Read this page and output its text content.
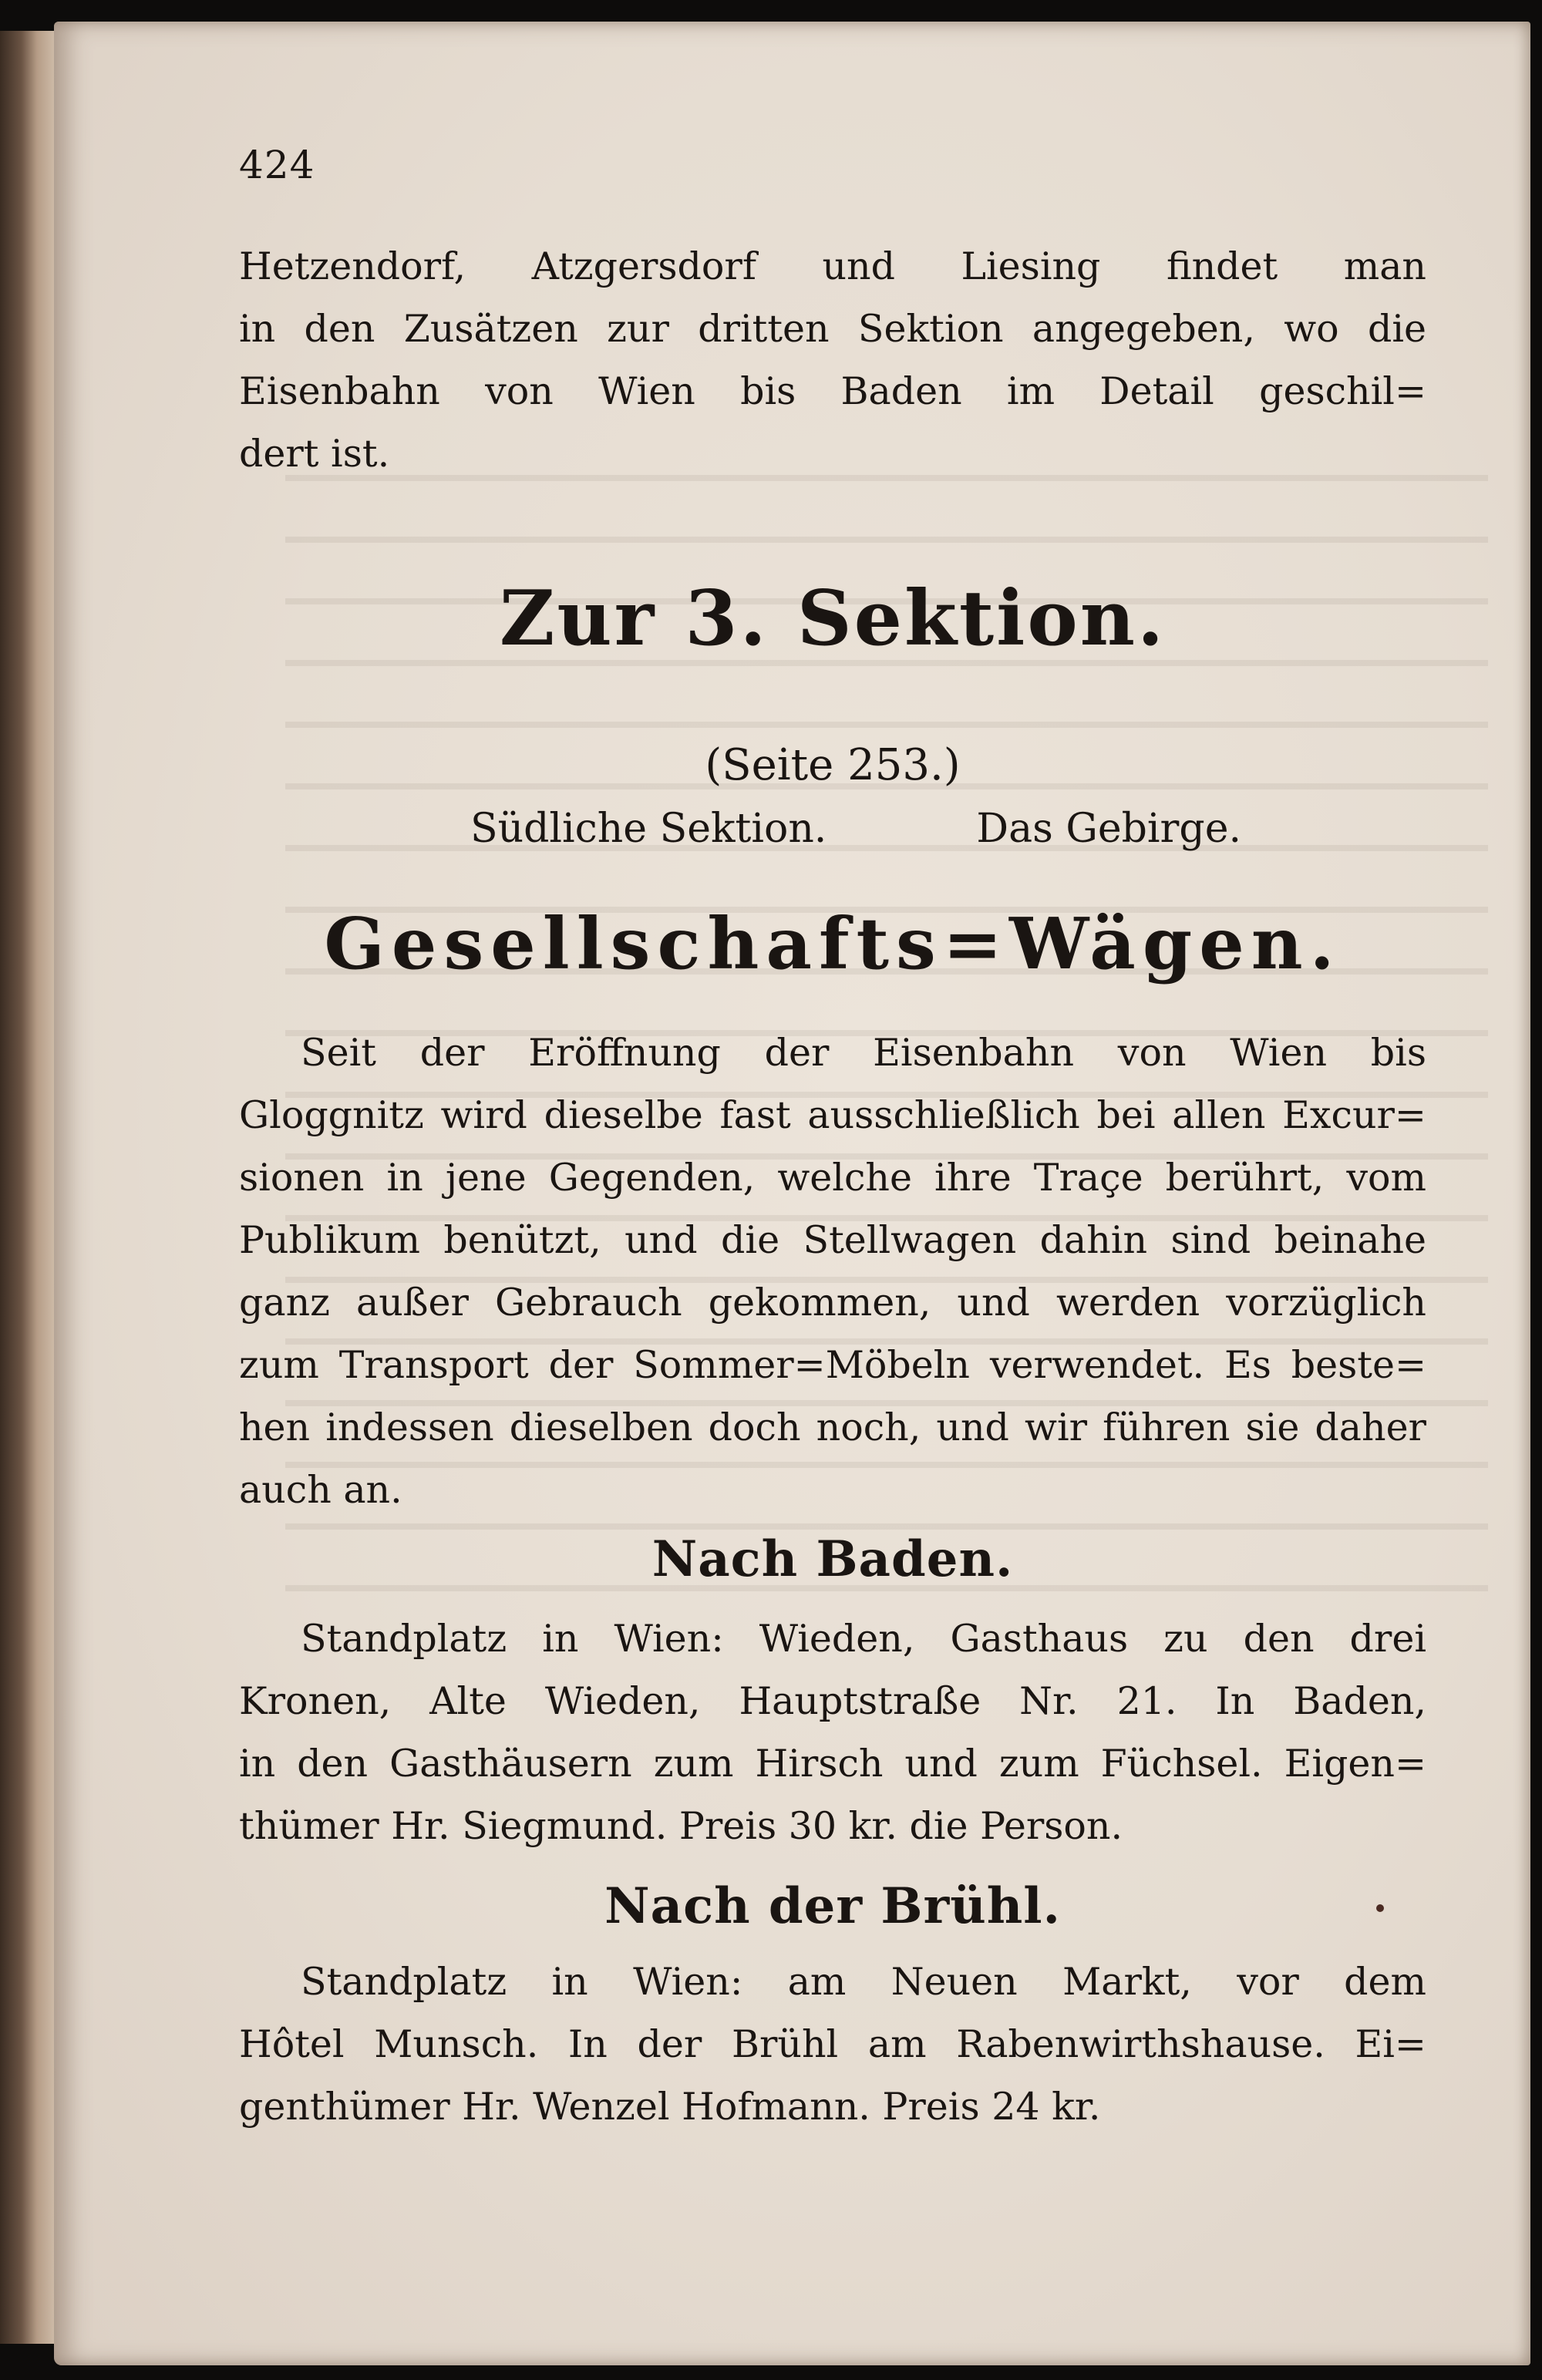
424
Hetzendorf, Atzgersdorf und Liesing findet man
in den Zusätzen zur dritten Sektion angegeben, wo die
Eisenbahn von Wien bis Baden im Detail geschil=
dert ist.
Zur 3. Sektion.
(Seite 253.)
Südliche Sektion.	Das Gebirge.
Gesellschafts=Wägen.
Seit der Eröffnung der Eisenbahn von Wien bis
Gloggnitz wird dieselbe fast ausschließlich bei allen Excur=
sionen in jene Gegenden, welche ihre Traçe berührt, vom
Publikum benützt, und die Stellwagen dahin sind beinahe
ganz außer Gebrauch gekommen, und werden vorzüglich
zum Transport der Sommer=Möbeln verwendet. Es beste=
hen indessen dieselben doch noch, und wir führen sie daher
auch an.
Nach Baden.
Standplatz in Wien: Wieden, Gasthaus zu den drei
Kronen, Alte Wieden, Hauptstraße Nr. 21. In Baden,
in den Gasthäusern zum Hirsch und zum Füchsel. Eigen=
thümer Hr. Siegmund. Preis 30 kr. die Person.
Nach der Brühl.
Standplatz in Wien: am Neuen Markt, vor dem
Hôtel Munsch. In der Brühl am Rabenwirthshause. Ei=
genthümer Hr. Wenzel Hofmann. Preis 24 kr.
